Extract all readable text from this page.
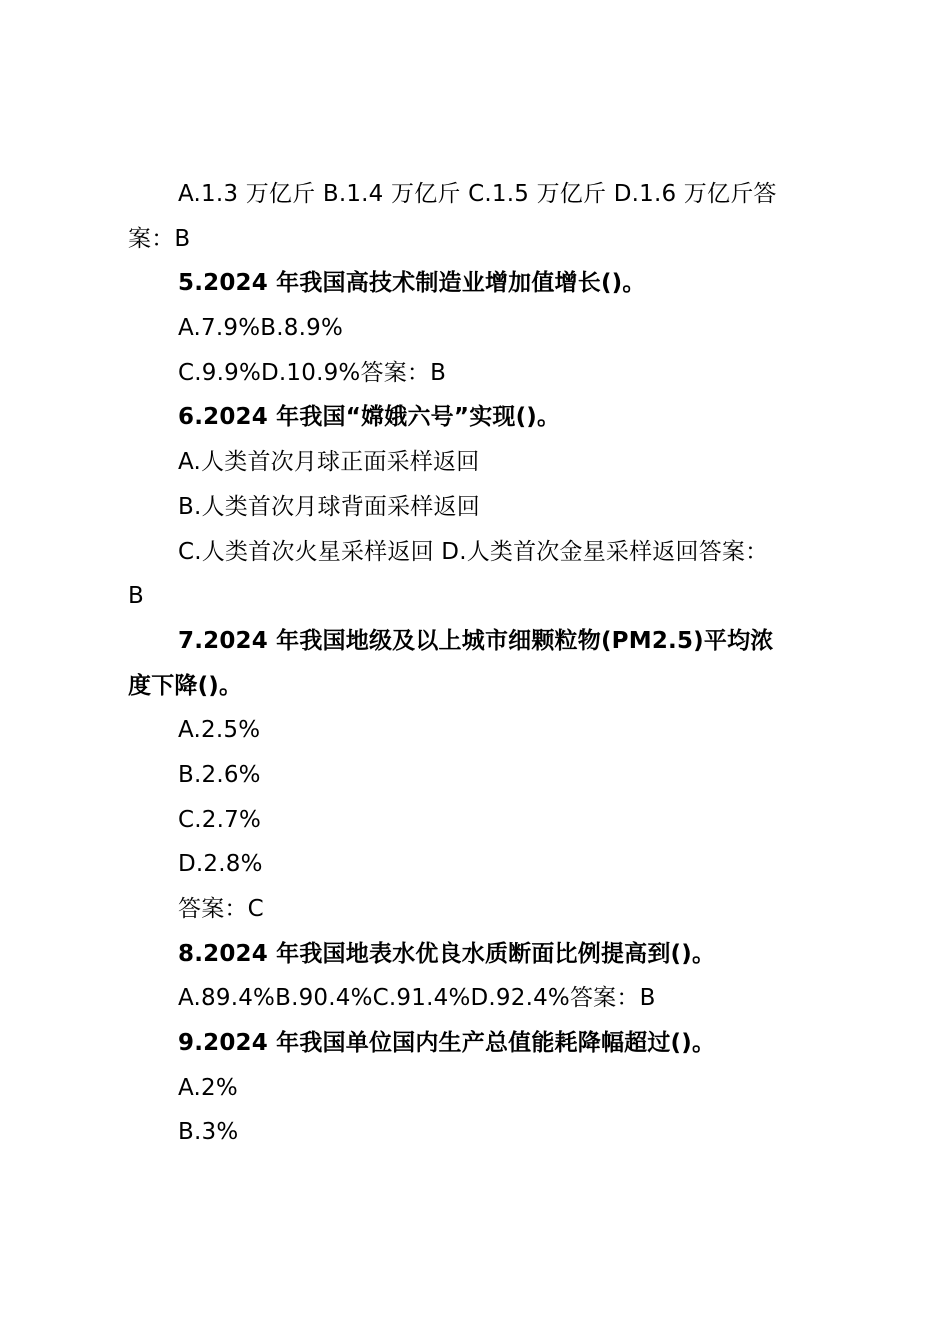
A.1.3 万亿斤 B.1.4 万亿斤 C.1.5 万亿斤 D.1.6 万亿斤答
案：B
5.2024 年我国高技术制造业增加值增长()。
A.7.9%B.8.9%
C.9.9%D.10.9%答案：B
6.2024 年我国“嫦娥六号”实现()。
A.人类首次月球正面采样返回
B.人类首次月球背面采样返回
C.人类首次火星采样返回 D.人类首次金星采样返回答案：
B
7.2024 年我国地级及以上城市细颗粒物(PM2.5)平均浓
度下降()。
A.2.5%
B.2.6%
C.2.7%
D.2.8%
答案：C
8.2024 年我国地表水优良水质断面比例提高到()。
A.89.4%B.90.4%C.91.4%D.92.4%答案：B
9.2024 年我国单位国内生产总值能耗降幅超过()。
A.2%
B.3%
